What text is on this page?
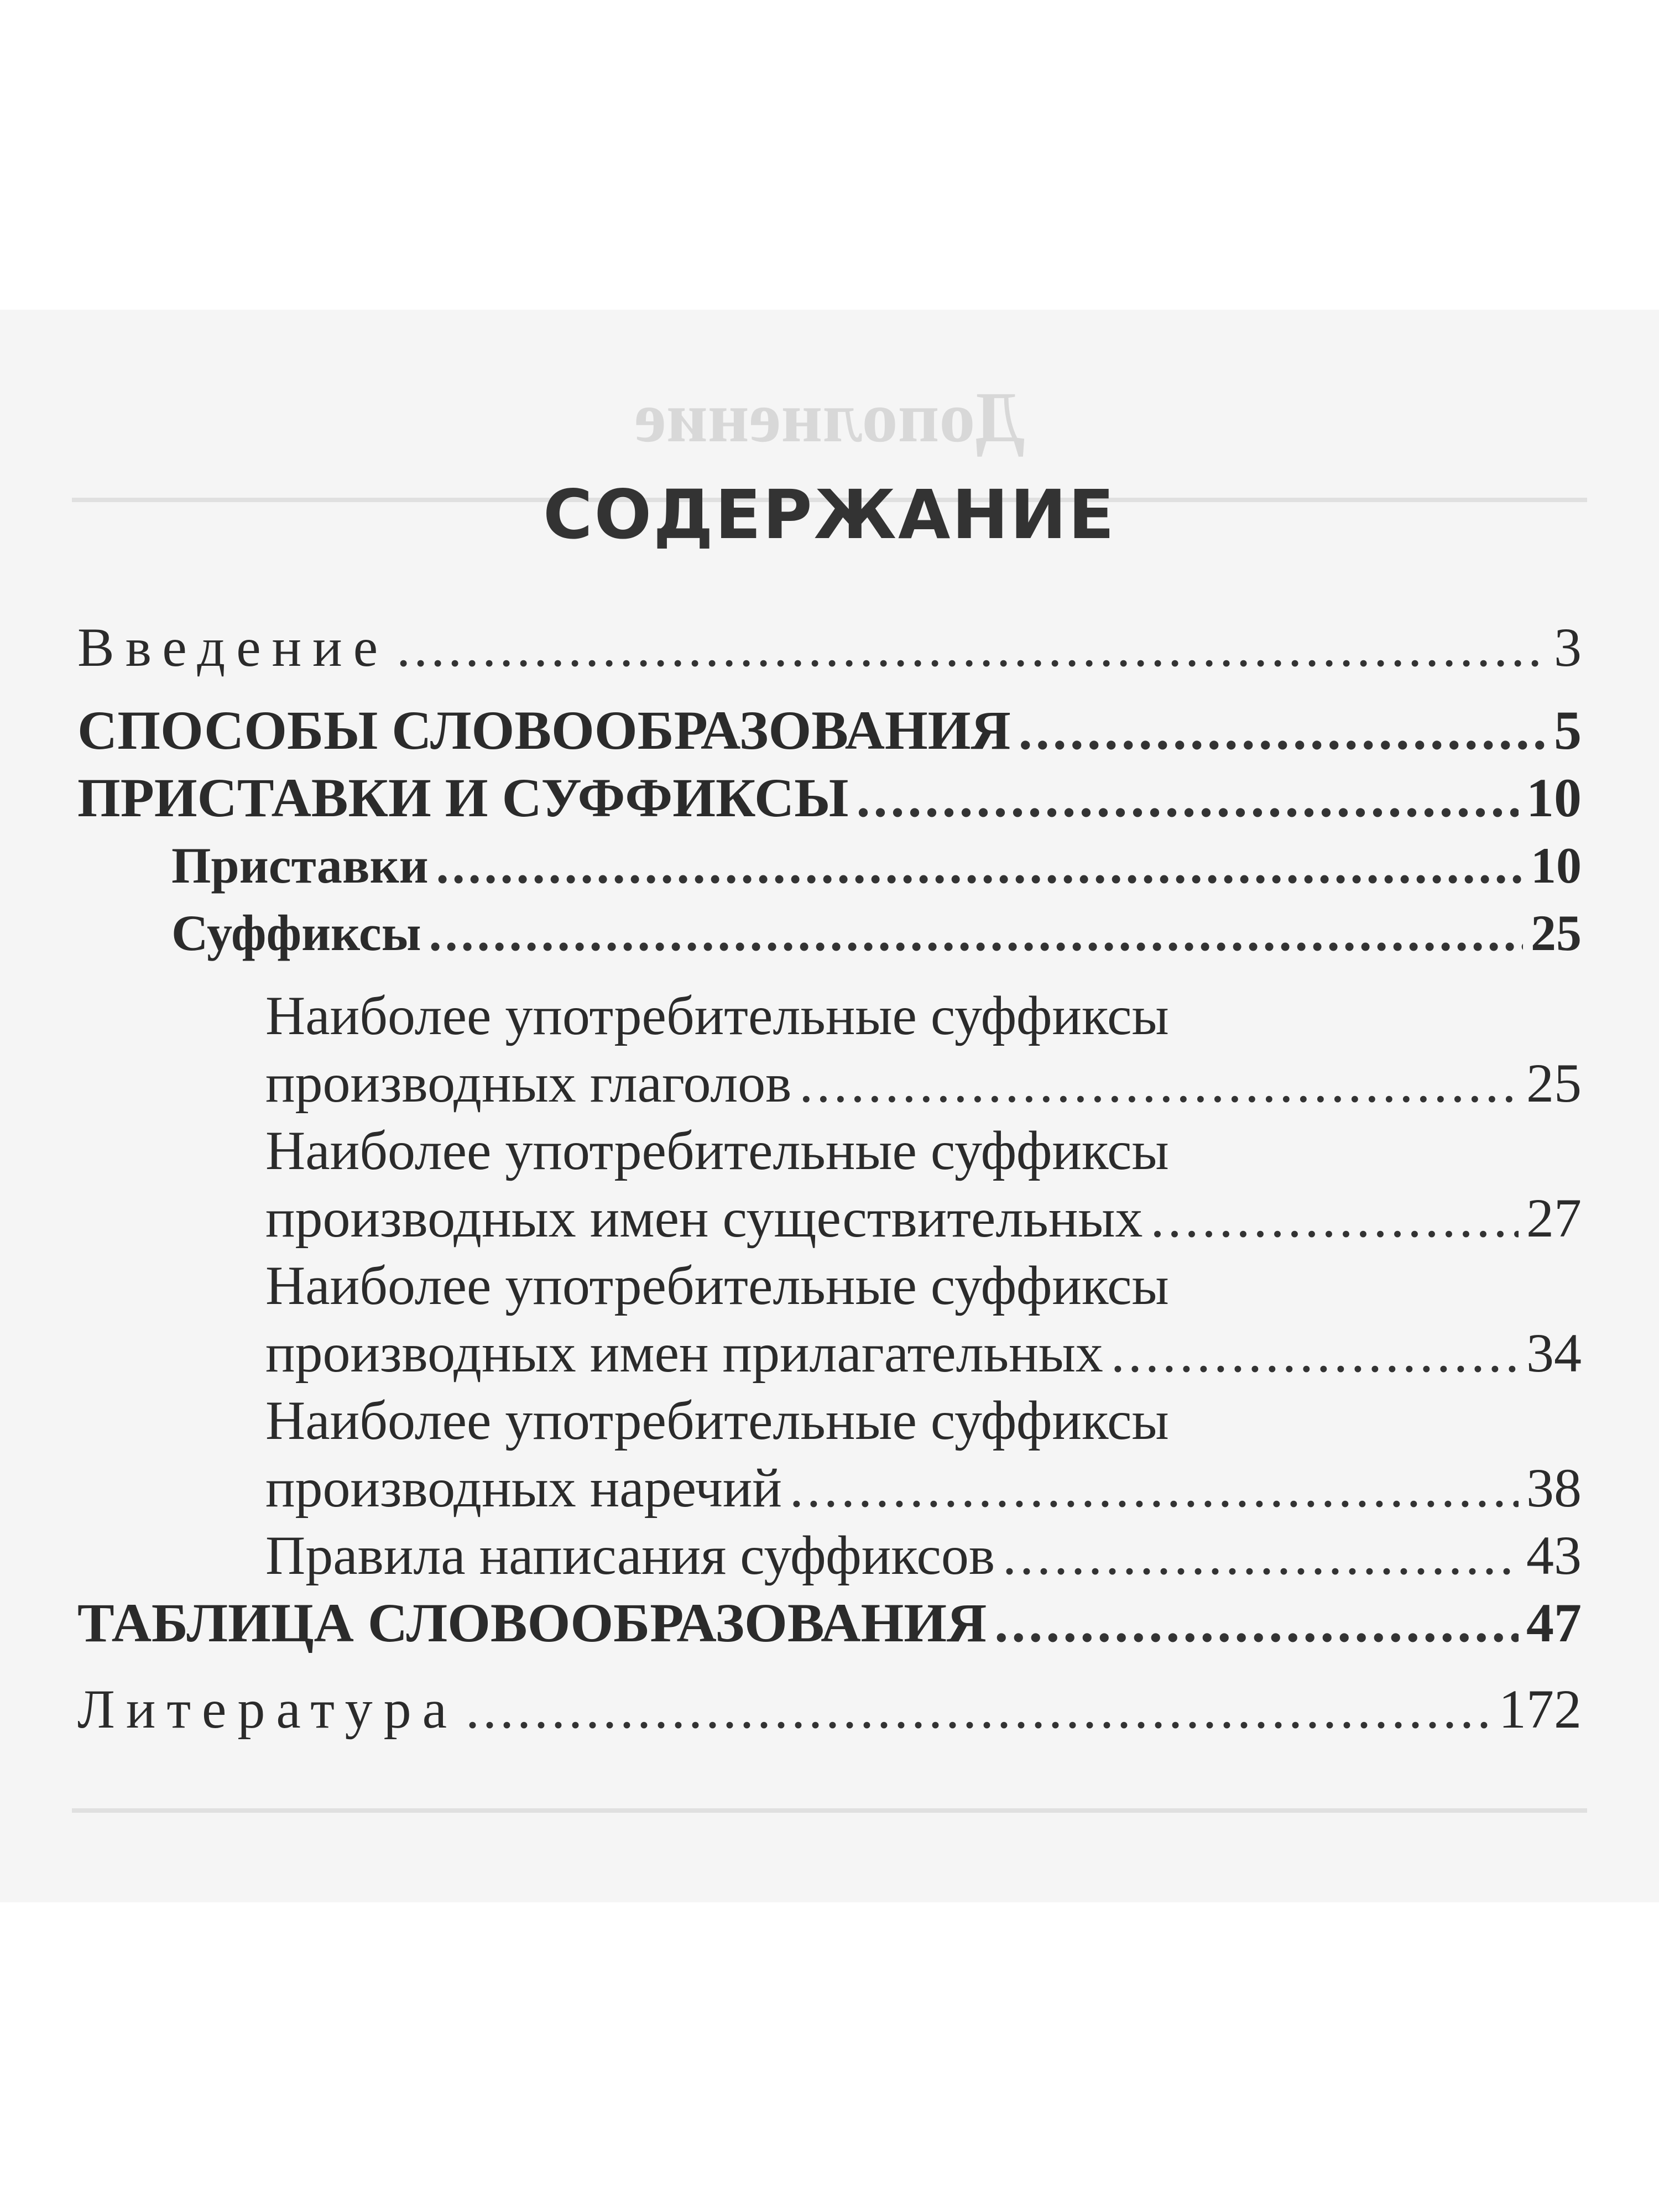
Дополнение
СОДЕРЖАНИЕ
Введение .....	3
СПОСОБЫ СЛОВООБРАЗОВАНИЯ .....	5
ПРИСТАВКИ И СУФФИКСЫ .....	10
Приставки .....	10
Суффиксы .....	25
Наиболее употребительные суффиксы
производных глаголов .....	25
Наиболее употребительные суффиксы
производных имен существительных .....	27
Наиболее употребительные суффиксы
производных имен прилагательных .....	34
Наиболее употребительные суффиксы
производных наречий .....	38
Правила написания суффиксов .....	43
ТАБЛИЦА СЛОВООБРАЗОВАНИЯ .....	47
Литература .....	172
